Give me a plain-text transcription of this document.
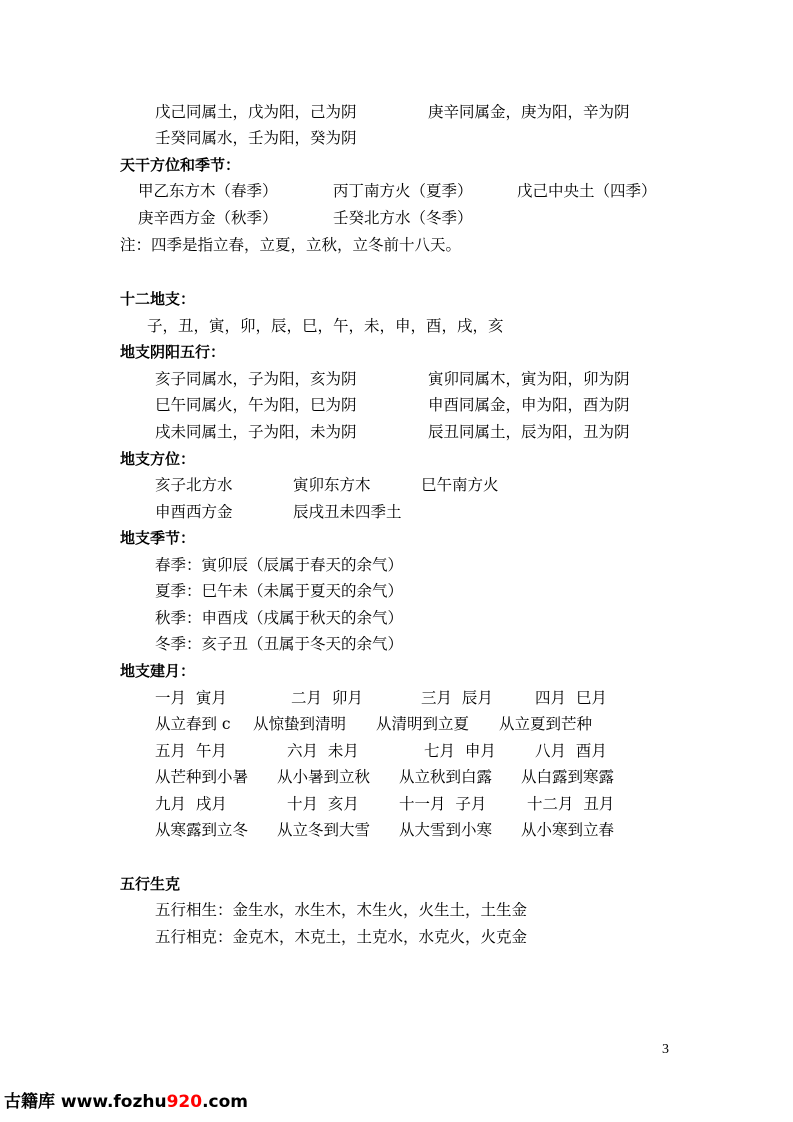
戊己同属土，戊为阳，己为阴	庚辛同属金，庚为阳，辛为阴
壬癸同属水，壬为阳，癸为阴
天干方位和季节：
甲乙东方木（春季）	丙丁南方火（夏季）	戊己中央土（四季）
庚辛西方金（秋季）	壬癸北方水（冬季）
注：四季是指立春，立夏，立秋，立冬前十八天。
十二地支：
子，丑，寅，卯，辰，巳，午，未，申，酉，戌，亥
地支阴阳五行：
亥子同属水，子为阳，亥为阴	寅卯同属木，寅为阳，卯为阴
巳午同属火，午为阳，巳为阴	申酉同属金，申为阳，酉为阴
戌未同属土，子为阳，未为阴	辰丑同属土，辰为阳，丑为阴
地支方位：
亥子北方水	寅卯东方木	巳午南方火
申酉西方金	辰戌丑未四季土
地支季节：
春季：寅卯辰（辰属于春天的余气）
夏季：巳午未（未属于夏天的余气）
秋季：申酉戌（戌属于秋天的余气）
冬季：亥子丑（丑属于冬天的余气）
地支建月：
一月  寅月	二月  卯月	三月  辰月	四月  巳月
从立春到 c 从惊蛰到清明 从清明到立夏 从立夏到芒种
五月  午月	六月  未月	七月  申月	八月  酉月
从芒种到小暑 从小暑到立秋 从立秋到白露 从白露到寒露
九月  戌月	十月  亥月	十一月  子月	十二月  丑月
从寒露到立冬 从立冬到大雪 从大雪到小寒 从小寒到立春
五行生克
五行相生：金生水，水生木，木生火，火生土，土生金
五行相克：金克木，木克土，土克水，水克火，火克金
3
古籍库 www.fozhu920.com
